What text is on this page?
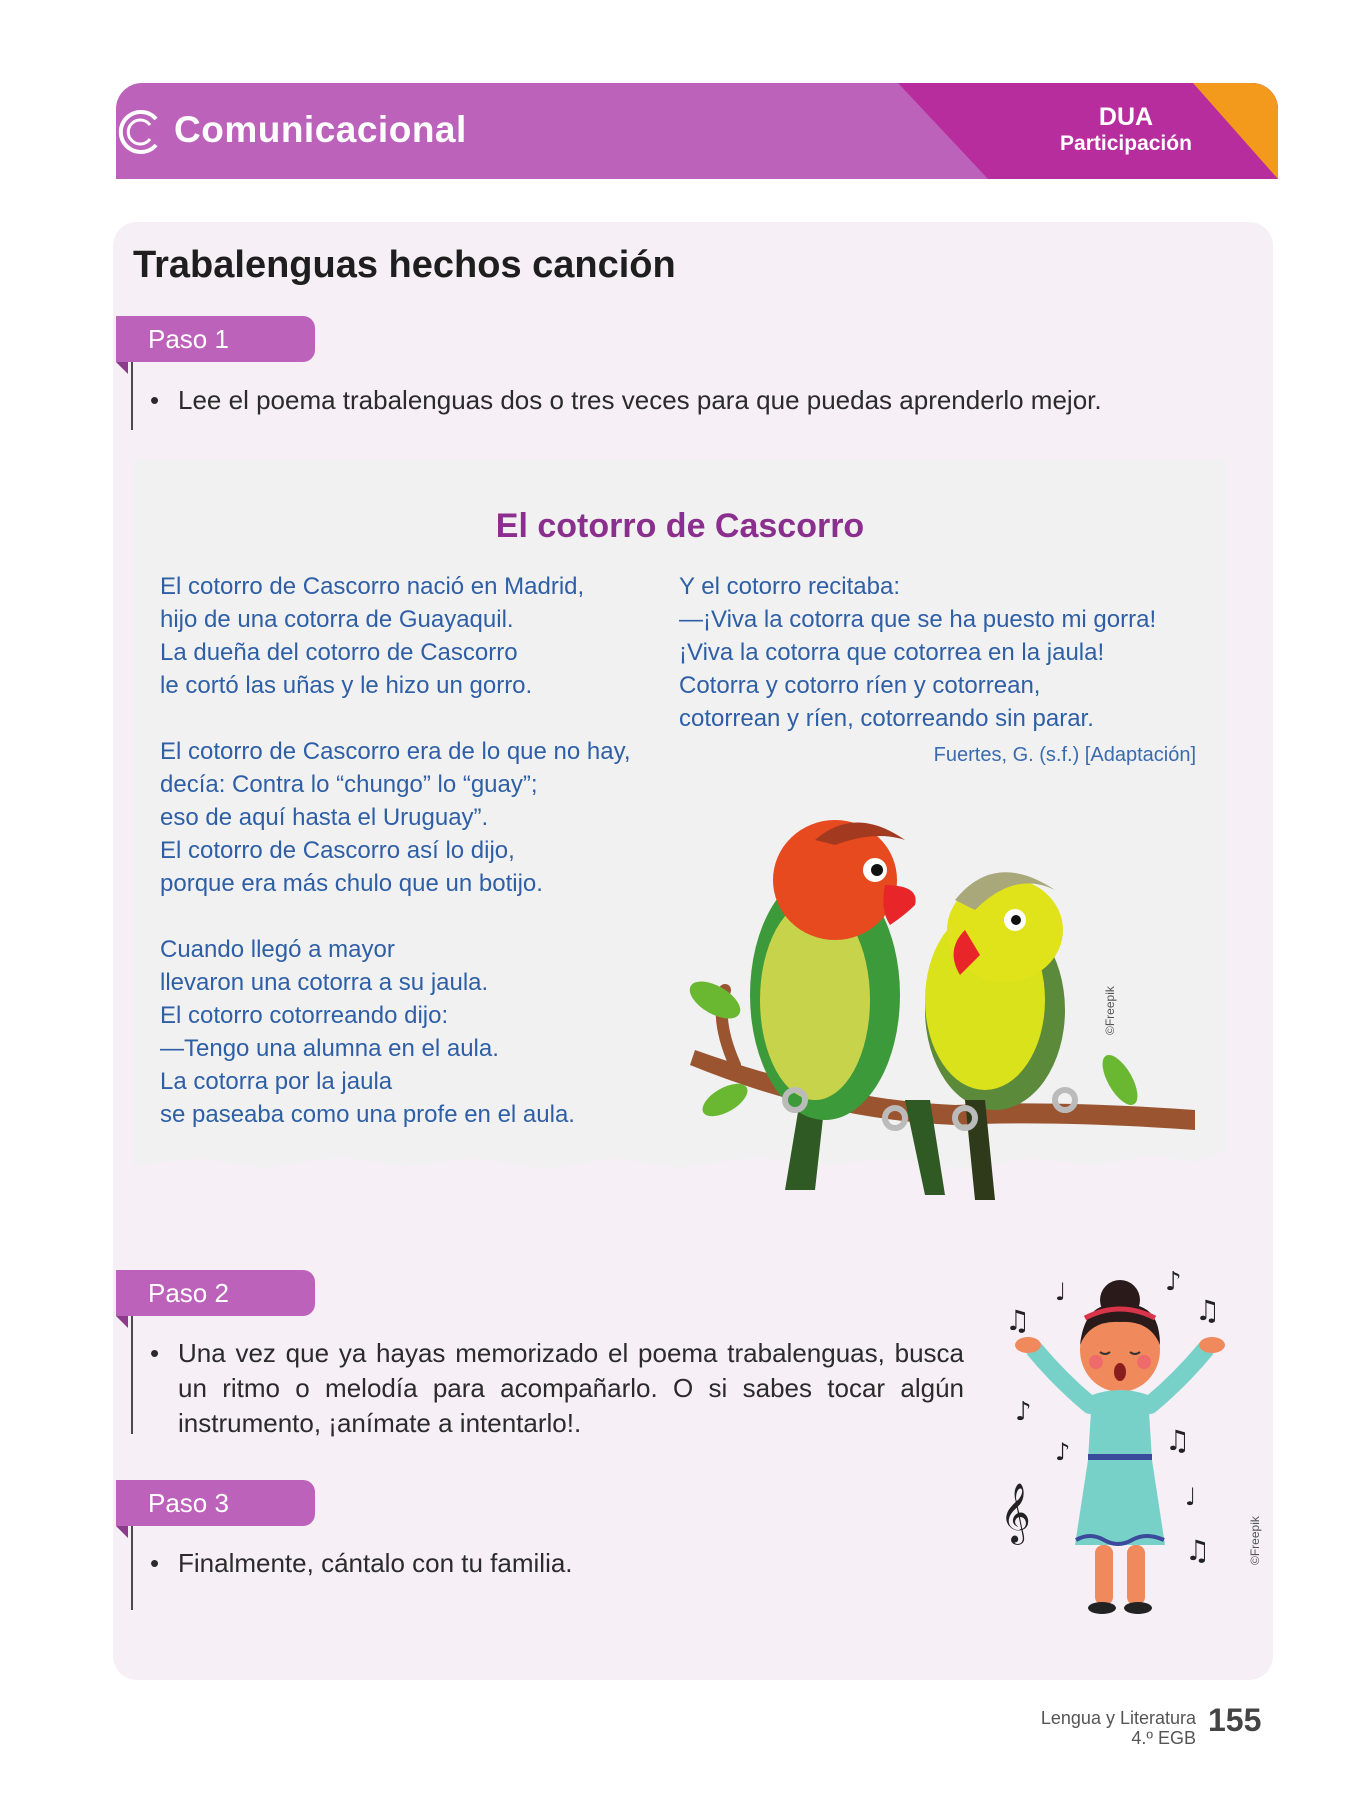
Comunicacional	DUA
Participación
Trabalenguas hechos canción
Paso 1
• Lee el poema trabalenguas dos o tres veces para que puedas aprenderlo mejor.
El cotorro de Cascorro
El cotorro de Cascorro nació en Madrid,
hijo de una cotorra de Guayaquil.
La dueña del cotorro de Cascorro
le cortó las uñas y le hizo un gorro.
El cotorro de Cascorro era de lo que no hay,
decía: Contra lo “chungo” lo “guay”;
eso de aquí hasta el Uruguay”.
El cotorro de Cascorro así lo dijo,
porque era más chulo que un botijo.
Cuando llegó a mayor
llevaron una cotorra a su jaula.
El cotorro cotorreando dijo:
—Tengo una alumna en el aula.
La cotorra por la jaula
se paseaba como una profe en el aula.
Y el cotorro recitaba:
—¡Viva la cotorra que se ha puesto mi gorra!
¡Viva la cotorra que cotorrea en la jaula!
Cotorra y cotorro ríen y cotorrean,
cotorrean y ríen, cotorreando sin parar.
Fuertes, G. (s.f.) [Adaptación]
©Freepik
Paso 2
• Una vez que ya hayas memorizado el poema trabalenguas, busca un ritmo o melodía para acompañarlo. O si sabes tocar algún instrumento, ¡anímate a intentarlo!.
Paso 3
• Finalmente, cántalo con tu familia.
♫
♩	♪
♫
♪
♪
𝄞
♫
♩
♫	©Freepik
Lengua y Literatura
4.º EGB 155
